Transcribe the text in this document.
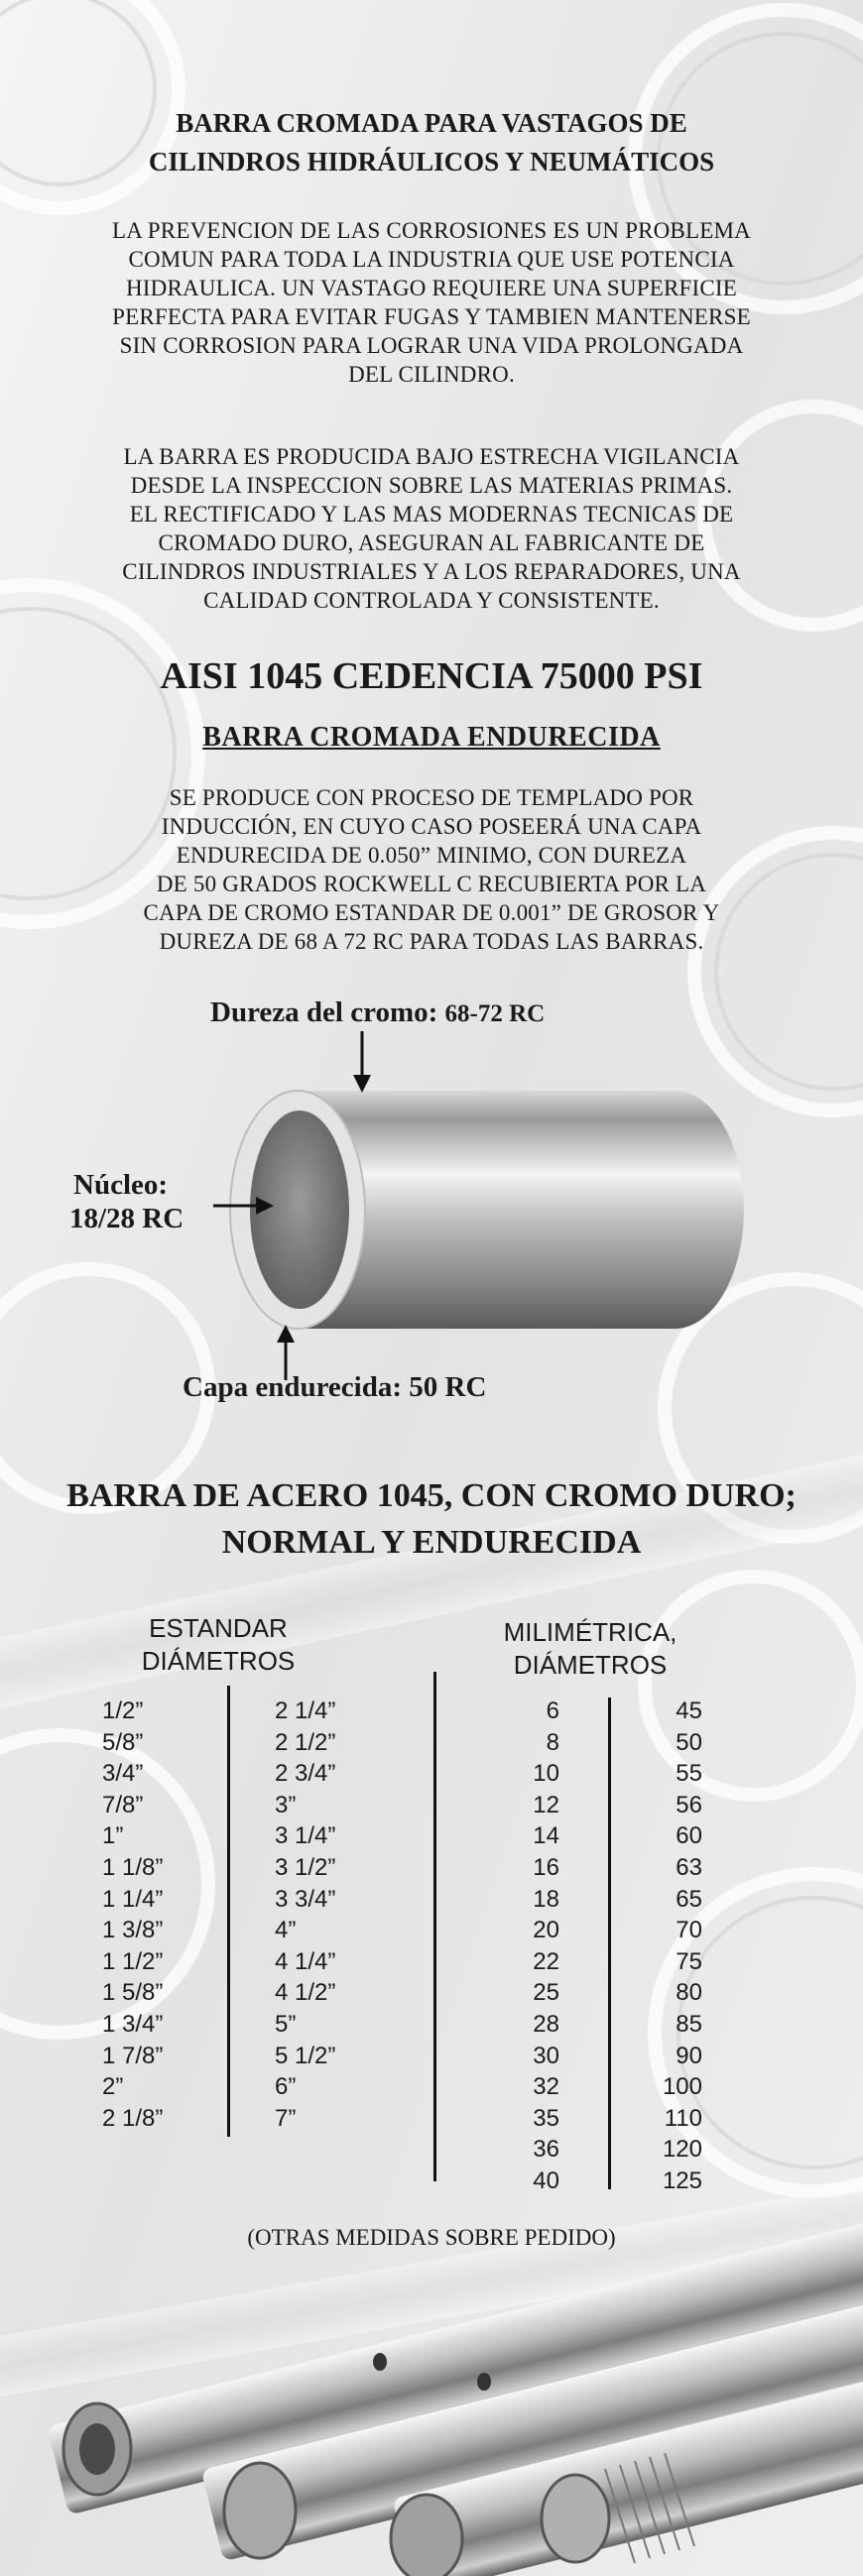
BARRA CROMADA PARA VASTAGOS DE
CILINDROS HIDRÁULICOS Y NEUMÁTICOS
LA PREVENCION DE LAS CORROSIONES ES UN PROBLEMA
COMUN PARA TODA LA INDUSTRIA QUE USE POTENCIA
HIDRAULICA. UN VASTAGO REQUIERE UNA SUPERFICIE
PERFECTA PARA EVITAR FUGAS Y TAMBIEN MANTENERSE
SIN CORROSION PARA LOGRAR UNA VIDA PROLONGADA
DEL CILINDRO.
LA BARRA ES PRODUCIDA BAJO ESTRECHA VIGILANCIA
DESDE LA INSPECCION SOBRE LAS MATERIAS PRIMAS.
EL RECTIFICADO Y LAS MAS MODERNAS TECNICAS DE
CROMADO DURO, ASEGURAN AL FABRICANTE DE
CILINDROS INDUSTRIALES Y A LOS REPARADORES, UNA
CALIDAD CONTROLADA Y CONSISTENTE.
AISI 1045 CEDENCIA 75000 PSI
BARRA CROMADA ENDURECIDA
SE PRODUCE CON PROCESO DE TEMPLADO POR
INDUCCIÓN, EN CUYO CASO POSEERÁ UNA CAPA
ENDURECIDA DE 0.050” MINIMO, CON DUREZA
DE 50 GRADOS ROCKWELL C RECUBIERTA POR LA
CAPA DE CROMO ESTANDAR DE 0.001” DE GROSOR Y
DUREZA DE 68 A 72 RC PARA TODAS LAS BARRAS.
Dureza del cromo: 68-72 RC
Núcleo:
18/28 RC
Capa endurecida: 50 RC
BARRA DE ACERO 1045, CON CROMO DURO;
NORMAL Y ENDURECIDA
ESTANDAR
DIÁMETROS
MILIMÉTRICA,
DIÁMETROS
1/2”
5/8”
3/4”
7/8”
1”
1 1/8”
1 1/4”
1 3/8”
1 1/2”
1 5/8”
1 3/4”
1 7/8”
2”
2 1/8”
2 1/4”
2 1/2”
2 3/4”
3”
3 1/4”
3 1/2”
3 3/4”
4”
4 1/4”
4 1/2”
5”
5 1/2”
6”
7”
6
8
10
12
14
16
18
20
22
25
28
30
32
35
36
40
45
50
55
56
60
63
65
70
75
80
85
90
100
110
120
125
(OTRAS MEDIDAS SOBRE PEDIDO)
